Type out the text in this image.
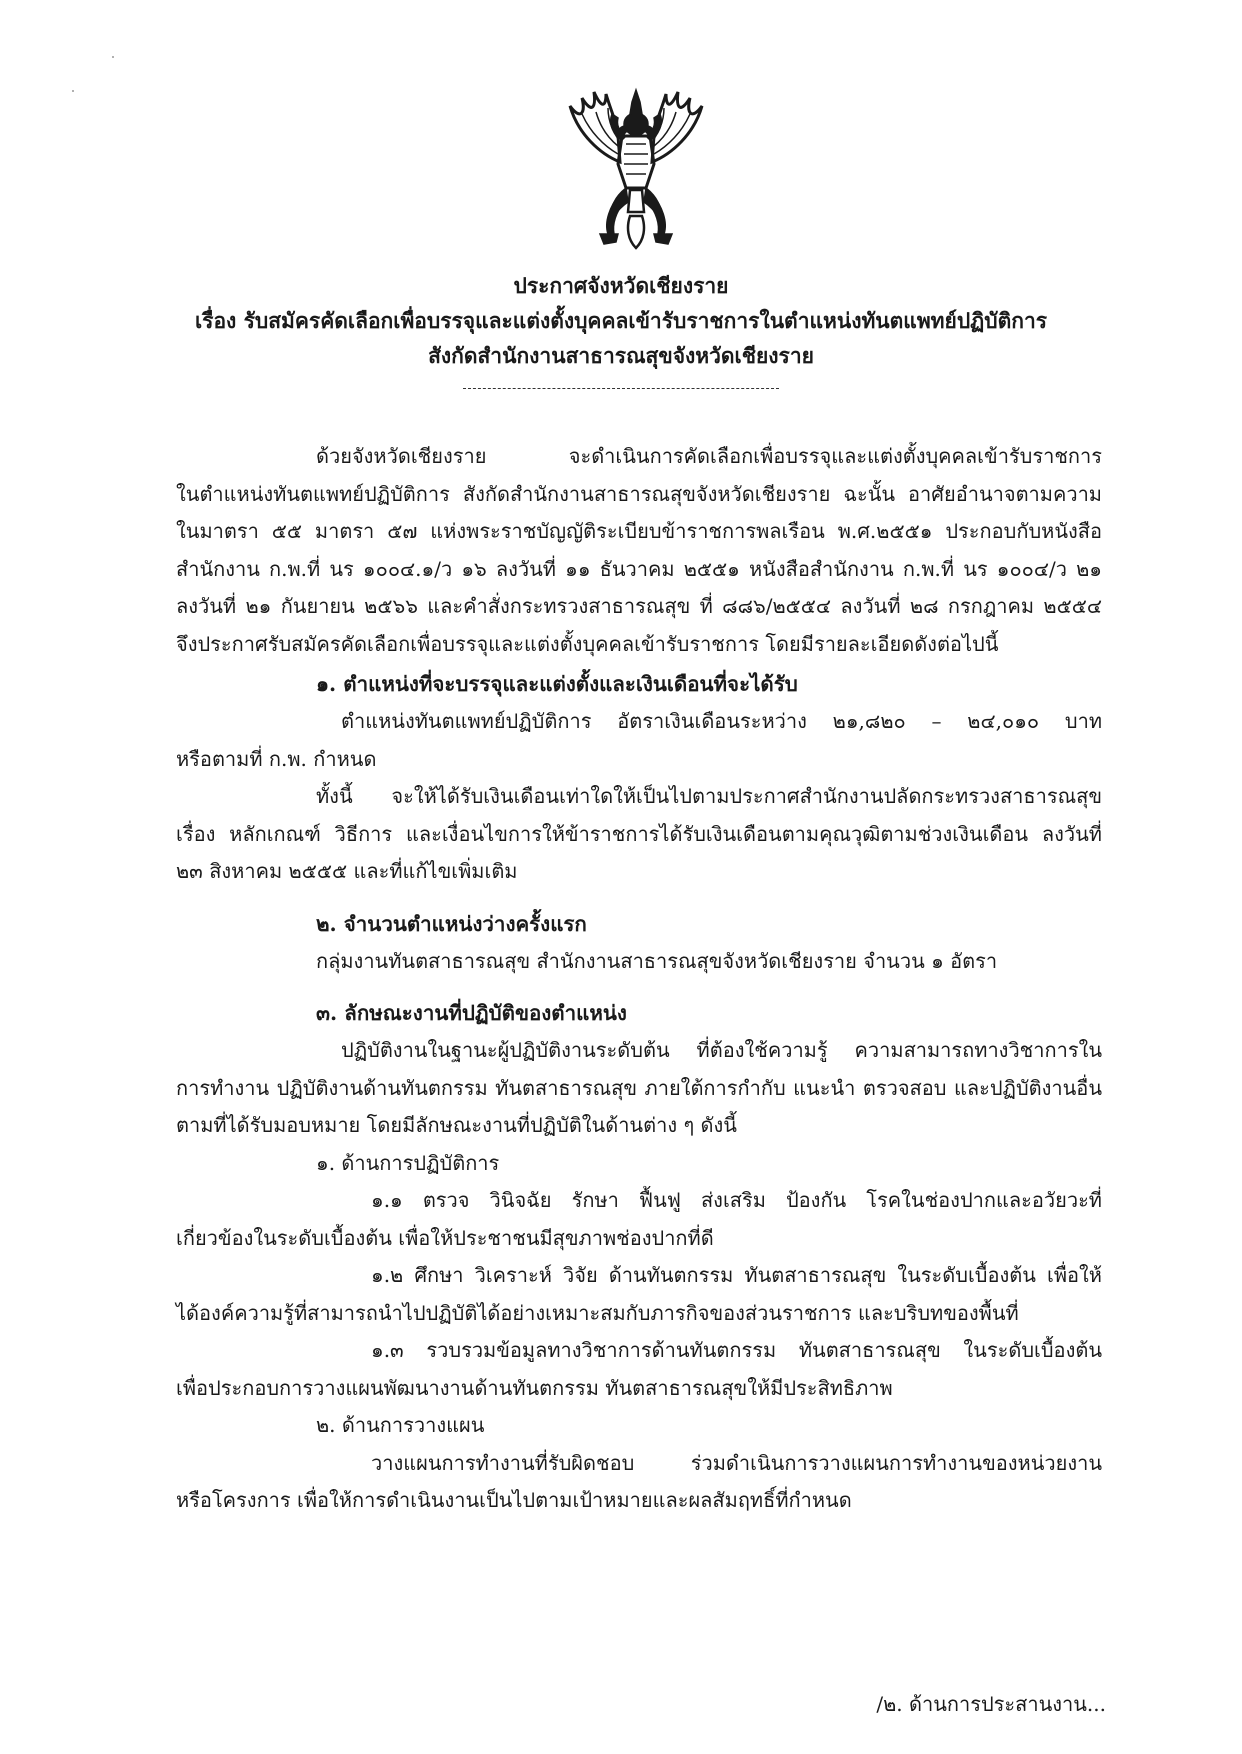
ประกาศจังหวัดเชียงราย
เรื่อง รับสมัครคัดเลือกเพื่อบรรจุและแต่งตั้งบุคคลเข้ารับราชการในตำแหน่งทันตแพทย์ปฏิบัติการ
สังกัดสำนักงานสาธารณสุขจังหวัดเชียงราย
ด้วยจังหวัดเชียงราย จะดำเนินการคัดเลือกเพื่อบรรจุและแต่งตั้งบุคคลเข้ารับราชการ
ในตำแหน่งทันตแพทย์ปฏิบัติการ สังกัดสำนักงานสาธารณสุขจังหวัดเชียงราย ฉะนั้น อาศัยอำนาจตามความ
ในมาตรา ๕๕ มาตรา ๕๗ แห่งพระราชบัญญัติระเบียบข้าราชการพลเรือน พ.ศ.๒๕๕๑ ประกอบกับหนังสือ
สำนักงาน ก.พ.ที่ นร ๑๐๐๔.๑/ว ๑๖ ลงวันที่ ๑๑ ธันวาคม ๒๕๕๑ หนังสือสำนักงาน ก.พ.ที่ นร ๑๐๐๔/ว ๒๑
ลงวันที่ ๒๑ กันยายน ๒๕๖๖ และคำสั่งกระทรวงสาธารณสุข ที่ ๘๘๖/๒๕๕๔ ลงวันที่ ๒๘ กรกฎาคม ๒๕๕๔
จึงประกาศรับสมัครคัดเลือกเพื่อบรรจุและแต่งตั้งบุคคลเข้ารับราชการ โดยมีรายละเอียดดังต่อไปนี้
๑. ตำแหน่งที่จะบรรจุและแต่งตั้งและเงินเดือนที่จะได้รับ
ตำแหน่งทันตแพทย์ปฏิบัติการ อัตราเงินเดือนระหว่าง ๒๑,๘๒๐ – ๒๔,๐๑๐ บาท
หรือตามที่ ก.พ. กำหนด
ทั้งนี้ จะให้ได้รับเงินเดือนเท่าใดให้เป็นไปตามประกาศสำนักงานปลัดกระทรวงสาธารณสุข
เรื่อง หลักเกณฑ์ วิธีการ และเงื่อนไขการให้ข้าราชการได้รับเงินเดือนตามคุณวุฒิตามช่วงเงินเดือน ลงวันที่
๒๓ สิงหาคม ๒๕๕๕ และที่แก้ไขเพิ่มเติม
๒. จำนวนตำแหน่งว่างครั้งแรก
กลุ่มงานทันตสาธารณสุข สำนักงานสาธารณสุขจังหวัดเชียงราย จำนวน ๑ อัตรา
๓. ลักษณะงานที่ปฏิบัติของตำแหน่ง
ปฏิบัติงานในฐานะผู้ปฏิบัติงานระดับต้น ที่ต้องใช้ความรู้ ความสามารถทางวิชาการใน
การทำงาน ปฏิบัติงานด้านทันตกรรม ทันตสาธารณสุข ภายใต้การกำกับ แนะนำ ตรวจสอบ และปฏิบัติงานอื่น
ตามที่ได้รับมอบหมาย โดยมีลักษณะงานที่ปฏิบัติในด้านต่าง ๆ ดังนี้
๑. ด้านการปฏิบัติการ
๑.๑ ตรวจ วินิจฉัย รักษา ฟื้นฟู ส่งเสริม ป้องกัน โรคในช่องปากและอวัยวะที่
เกี่ยวข้องในระดับเบื้องต้น เพื่อให้ประชาชนมีสุขภาพช่องปากที่ดี
๑.๒ ศึกษา วิเคราะห์ วิจัย ด้านทันตกรรม ทันตสาธารณสุข ในระดับเบื้องต้น เพื่อให้
ได้องค์ความรู้ที่สามารถนำไปปฏิบัติได้อย่างเหมาะสมกับภารกิจของส่วนราชการ และบริบทของพื้นที่
๑.๓ รวบรวมข้อมูลทางวิชาการด้านทันตกรรม ทันตสาธารณสุข ในระดับเบื้องต้น
เพื่อประกอบการวางแผนพัฒนางานด้านทันตกรรม ทันตสาธารณสุขให้มีประสิทธิภาพ
๒. ด้านการวางแผน
วางแผนการทำงานที่รับผิดชอบ ร่วมดำเนินการวางแผนการทำงานของหน่วยงาน
หรือโครงการ เพื่อให้การดำเนินงานเป็นไปตามเป้าหมายและผลสัมฤทธิ์ที่กำหนด
/๒. ด้านการประสานงาน...
